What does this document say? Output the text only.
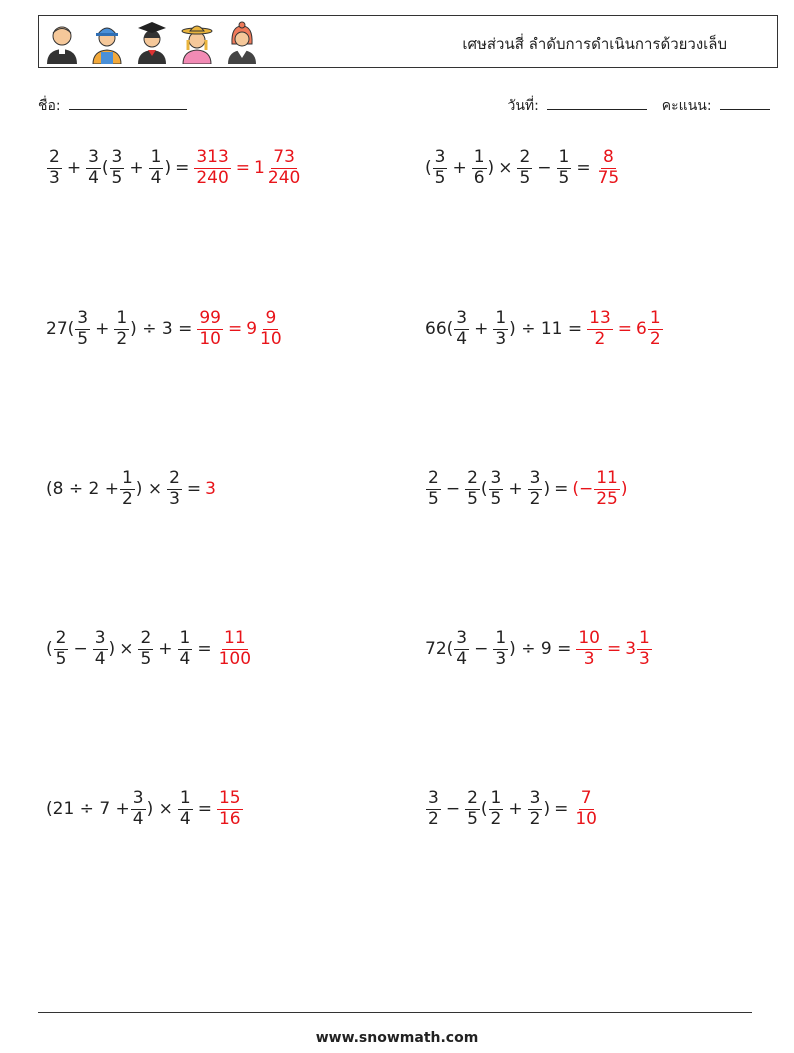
เศษส่วนสี่ ลำดับการดำเนินการด้วยวงเล็บ
ชื่อ:	วันที่:	คะแนน:
$\frac{2}{3} + \frac{3}{4}$ ( $\frac{3}{5} + \frac{1}{4}$ ) = $\frac{313}{240} = 1 \frac{73}{240}$	( $\frac{3}{5} + \frac{1}{6}$ ) × $\frac{2}{5} - \frac{1}{5} = \frac{8}{75}$
$27( \frac{3}{5} + \frac{1}{2}$ ) ÷ $3 = \frac{99}{10} = 9 \frac{9}{10}$	$66( \frac{3}{4} + \frac{1}{3}$ ) ÷ $11 = \frac{13}{2} = 6 \frac{1}{2}$
($8 \div 2 + \frac{1}{2}$ ) × $\frac{2}{3} = 3$	$\frac{2}{5} - \frac{2}{5}$ ( $\frac{3}{5} + \frac{3}{2}$ ) = (− $\frac{11}{25}$ )
( $\frac{2}{5} - \frac{3}{4}$ ) × $\frac{2}{5} + \frac{1}{4} = \frac{11}{100}$	$72( \frac{3}{4} - \frac{1}{3}$ ) ÷ $9 = \frac{10}{3} = 3 \frac{1}{3}$
($21 \div 7 + \frac{3}{4}$ ) × $\frac{1}{4} = \frac{15}{16}$	$\frac{3}{2} - \frac{2}{5}$ ( $\frac{1}{2} + \frac{3}{2}$ ) = $\frac{7}{10}$
www.snowmath.com
